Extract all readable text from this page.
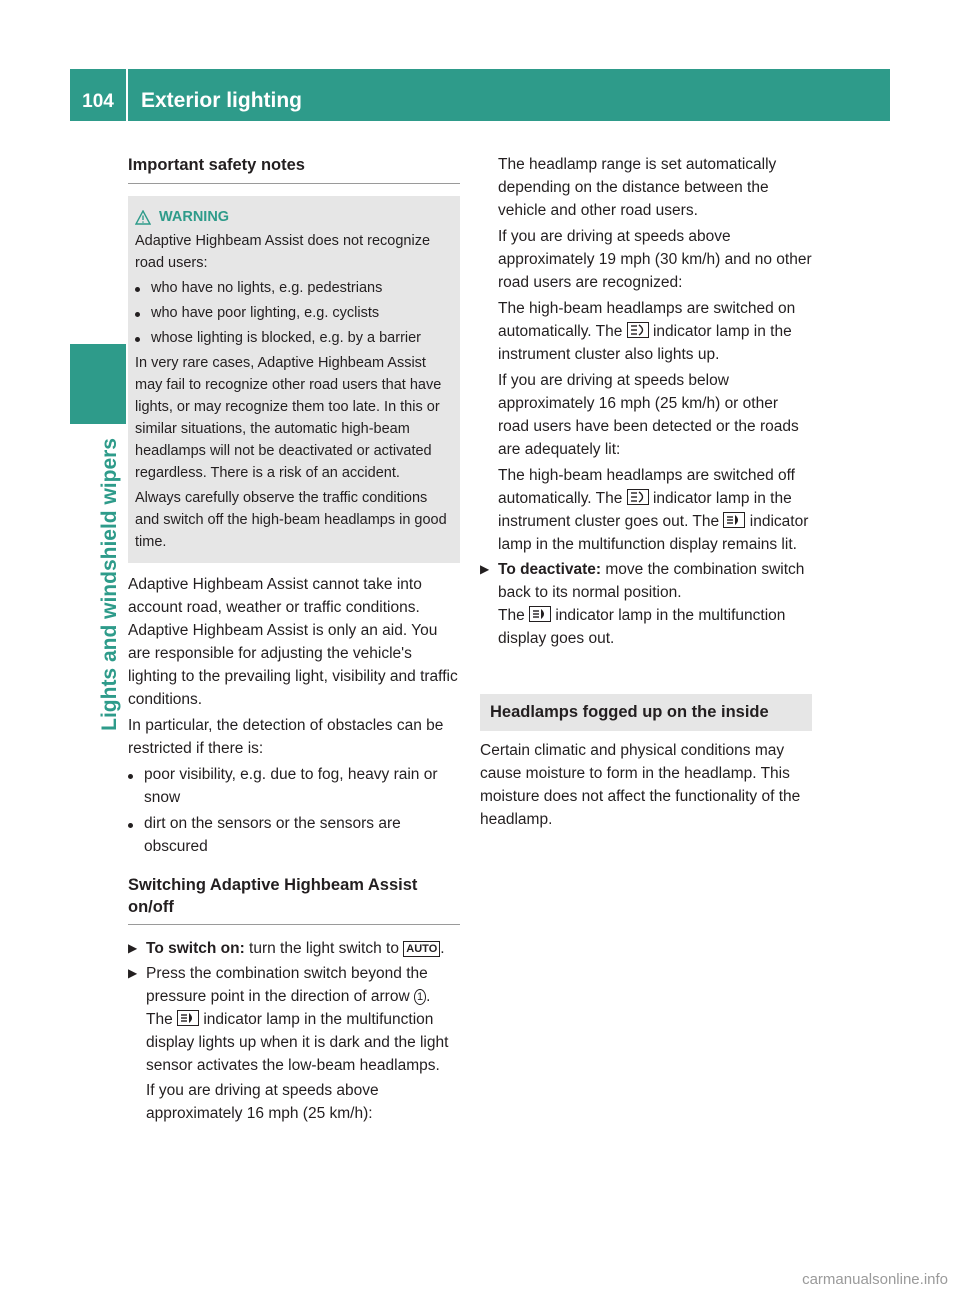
104	Exterior lighting
Lights and windshield wipers
Important safety notes
WARNING

Adaptive Highbeam Assist does not recognize road users:

who have no lights, e.g. pedestrians
who have poor lighting, e.g. cyclists
whose lighting is blocked, e.g. by a barrier

In very rare cases, Adaptive Highbeam Assist may fail to recognize other road users that have lights, or may recognize them too late. In this or similar situations, the automatic high-beam headlamps will not be deactivated or activated regardless. There is a risk of an accident.

Always carefully observe the traffic conditions and switch off the high-beam headlamps in good time.

Adaptive Highbeam Assist cannot take into account road, weather or traffic conditions. Adaptive Highbeam Assist is only an aid. You are responsible for adjusting the vehicle's lighting to the prevailing light, visibility and traffic conditions.

In particular, the detection of obstacles can be restricted if there is:

poor visibility, e.g. due to fog, heavy rain or snow
dirt on the sensors or the sensors are obscured
Switching Adaptive Highbeam Assist on/off
▶ To switch on: turn the light switch to AUTO .
▶ Press the combination switch beyond the pressure point in the direction of arrow 1 .
The indicator lamp in the multifunction display lights up when it is dark and the light sensor activates the low-beam headlamps.
If you are driving at speeds above approximately 16 mph (25 km/h):

The headlamp range is set automatically depending on the distance between the vehicle and other road users.

If you are driving at speeds above approximately 19 mph (30 km/h) and no other road users are recognized:

The high-beam headlamps are switched on automatically. The indicator lamp in the instrument cluster also lights up.

If you are driving at speeds below approximately 16 mph (25 km/h) or other road users have been detected or the roads are adequately lit:

The high-beam headlamps are switched off automatically. The indicator lamp in the instrument cluster goes out. The indicator lamp in the multifunction display remains lit.

▶ To deactivate: move the combination switch back to its normal position.
The indicator lamp in the multifunction display goes out.
Headlamps fogged up on the inside

Certain climatic and physical conditions may cause moisture to form in the headlamp. This moisture does not affect the functionality of the headlamp.

carmanualsonline.info
